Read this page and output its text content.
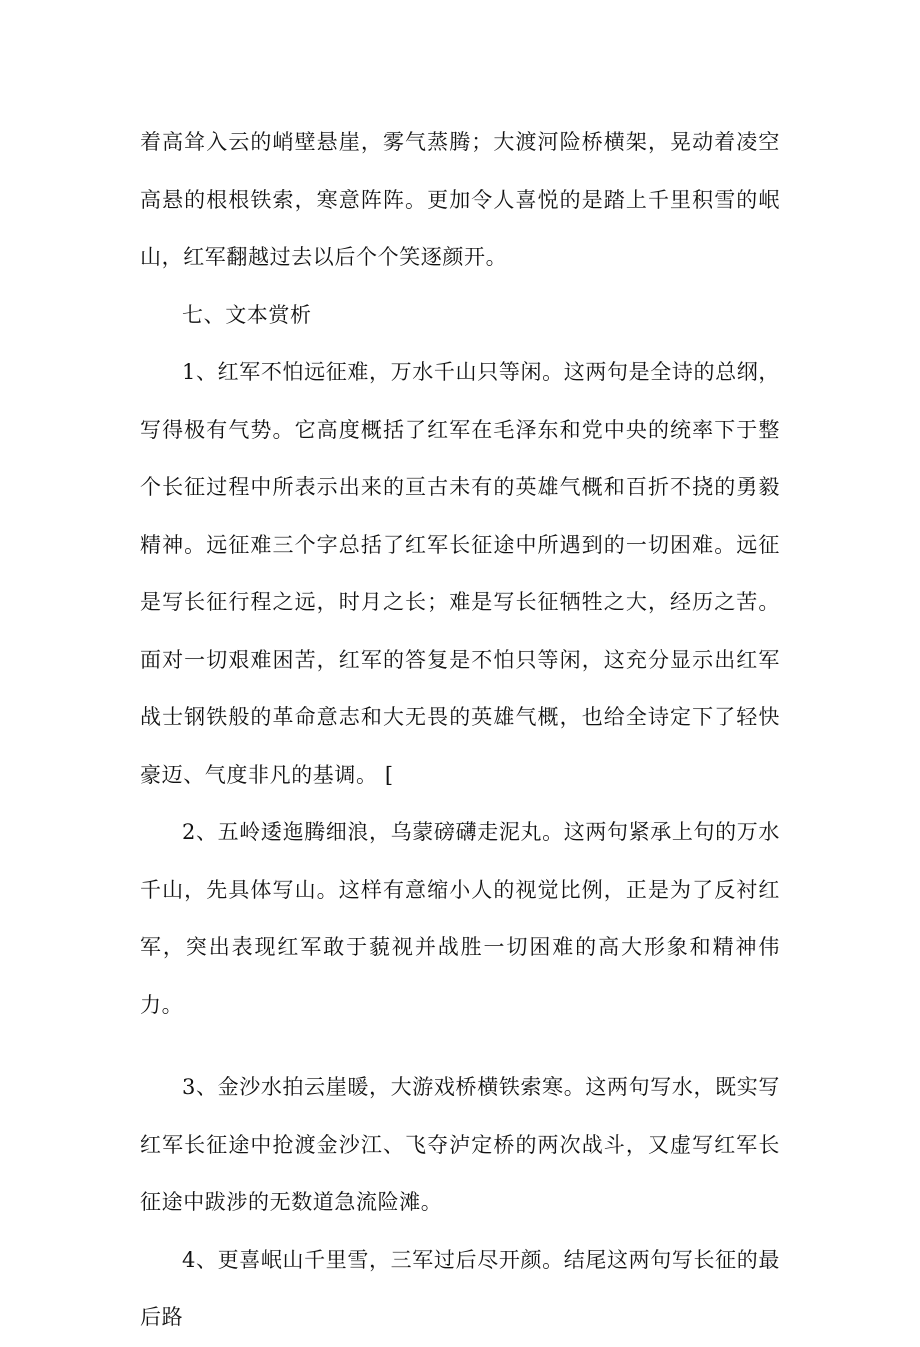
着高耸入云的峭壁悬崖，雾气蒸腾；大渡河险桥横架，晃动着凌空高悬的根根铁索，寒意阵阵。更加令人喜悦的是踏上千里积雪的岷山，红军翻越过去以后个个笑逐颜开。

七、文本赏析

1、红军不怕远征难，万水千山只等闲。这两句是全诗的总纲，写得极有气势。它高度概括了红军在毛泽东和党中央的统率下于整个长征过程中所表示出来的亘古未有的英雄气概和百折不挠的勇毅精神。远征难三个字总括了红军长征途中所遇到的一切困难。远征是写长征行程之远，时月之长；难是写长征牺牲之大，经历之苦。面对一切艰难困苦，红军的答复是不怕只等闲，这充分显示出红军战士钢铁般的革命意志和大无畏的英雄气概，也给全诗定下了轻快豪迈、气度非凡的基调。 [

2、五岭逶迤腾细浪，乌蒙磅礴走泥丸。这两句紧承上句的万水千山，先具体写山。这样有意缩小人的视觉比例，正是为了反衬红军，突出表现红军敢于藐视并战胜一切困难的高大形象和精神伟力。

3、金沙水拍云崖暖，大游戏桥横铁索寒。这两句写水，既实写红军长征途中抢渡金沙江、飞夺泸定桥的两次战斗，又虚写红军长征途中跋涉的无数道急流险滩。

4、更喜岷山千里雪，三军过后尽开颜。结尾这两句写长征的最后路
